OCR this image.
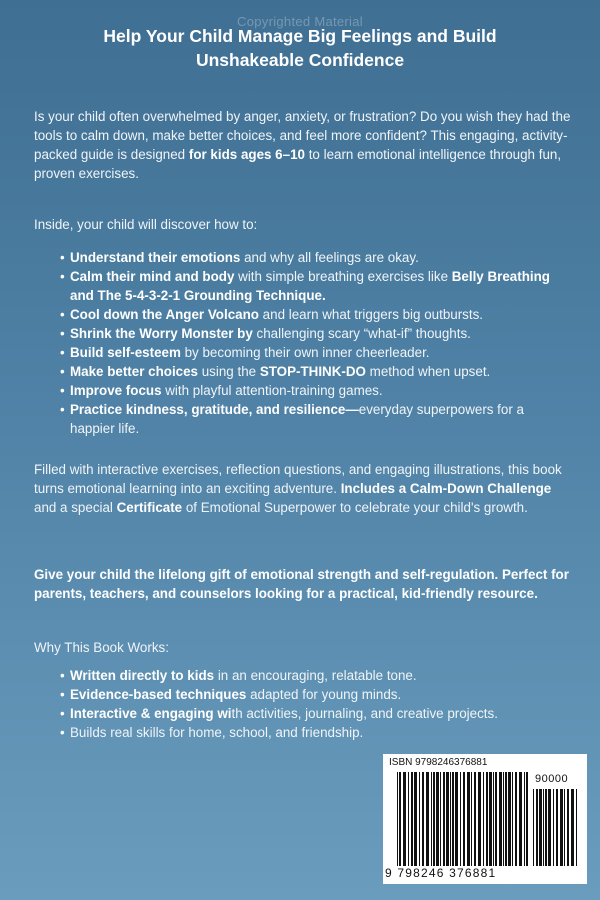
Copyrighted Material
Help Your Child Manage Big Feelings and Build
Unshakeable Confidence
Is your child often overwhelmed by anger, anxiety, or frustration? Do you wish they had the tools to calm down, make better choices, and feel more confident? This engaging, activity-packed guide is designed for kids ages 6–10 to learn emotional intelligence through fun, proven exercises.
Inside, your child will discover how to:
• Understand their emotions and why all feelings are okay.
• Calm their mind and body with simple breathing exercises like Belly Breathing and The 5-4-3-2-1 Grounding Technique.
• Cool down the Anger Volcano and learn what triggers big outbursts.
• Shrink the Worry Monster by challenging scary “what-if” thoughts.
• Build self-esteem by becoming their own inner cheerleader.
• Make better choices using the STOP-THINK-DO method when upset.
• Improve focus with playful attention-training games.
• Practice kindness, gratitude, and resilience—everyday superpowers for a happier life.
Filled with interactive exercises, reflection questions, and engaging illustrations, this book turns emotional learning into an exciting adventure. Includes a Calm-Down Challenge and a special Certificate of Emotional Superpower to celebrate your child's growth.
Give your child the lifelong gift of emotional strength and self-regulation. Perfect for parents, teachers, and counselors looking for a practical, kid-friendly resource.
Why This Book Works:
• Written directly to kids in an encouraging, relatable tone.
• Evidence-based techniques adapted for young minds.
• Interactive & engaging with activities, journaling, and creative projects.
• Builds real skills for home, school, and friendship.
ISBN 9798246376881
90000
9 798246 376881
